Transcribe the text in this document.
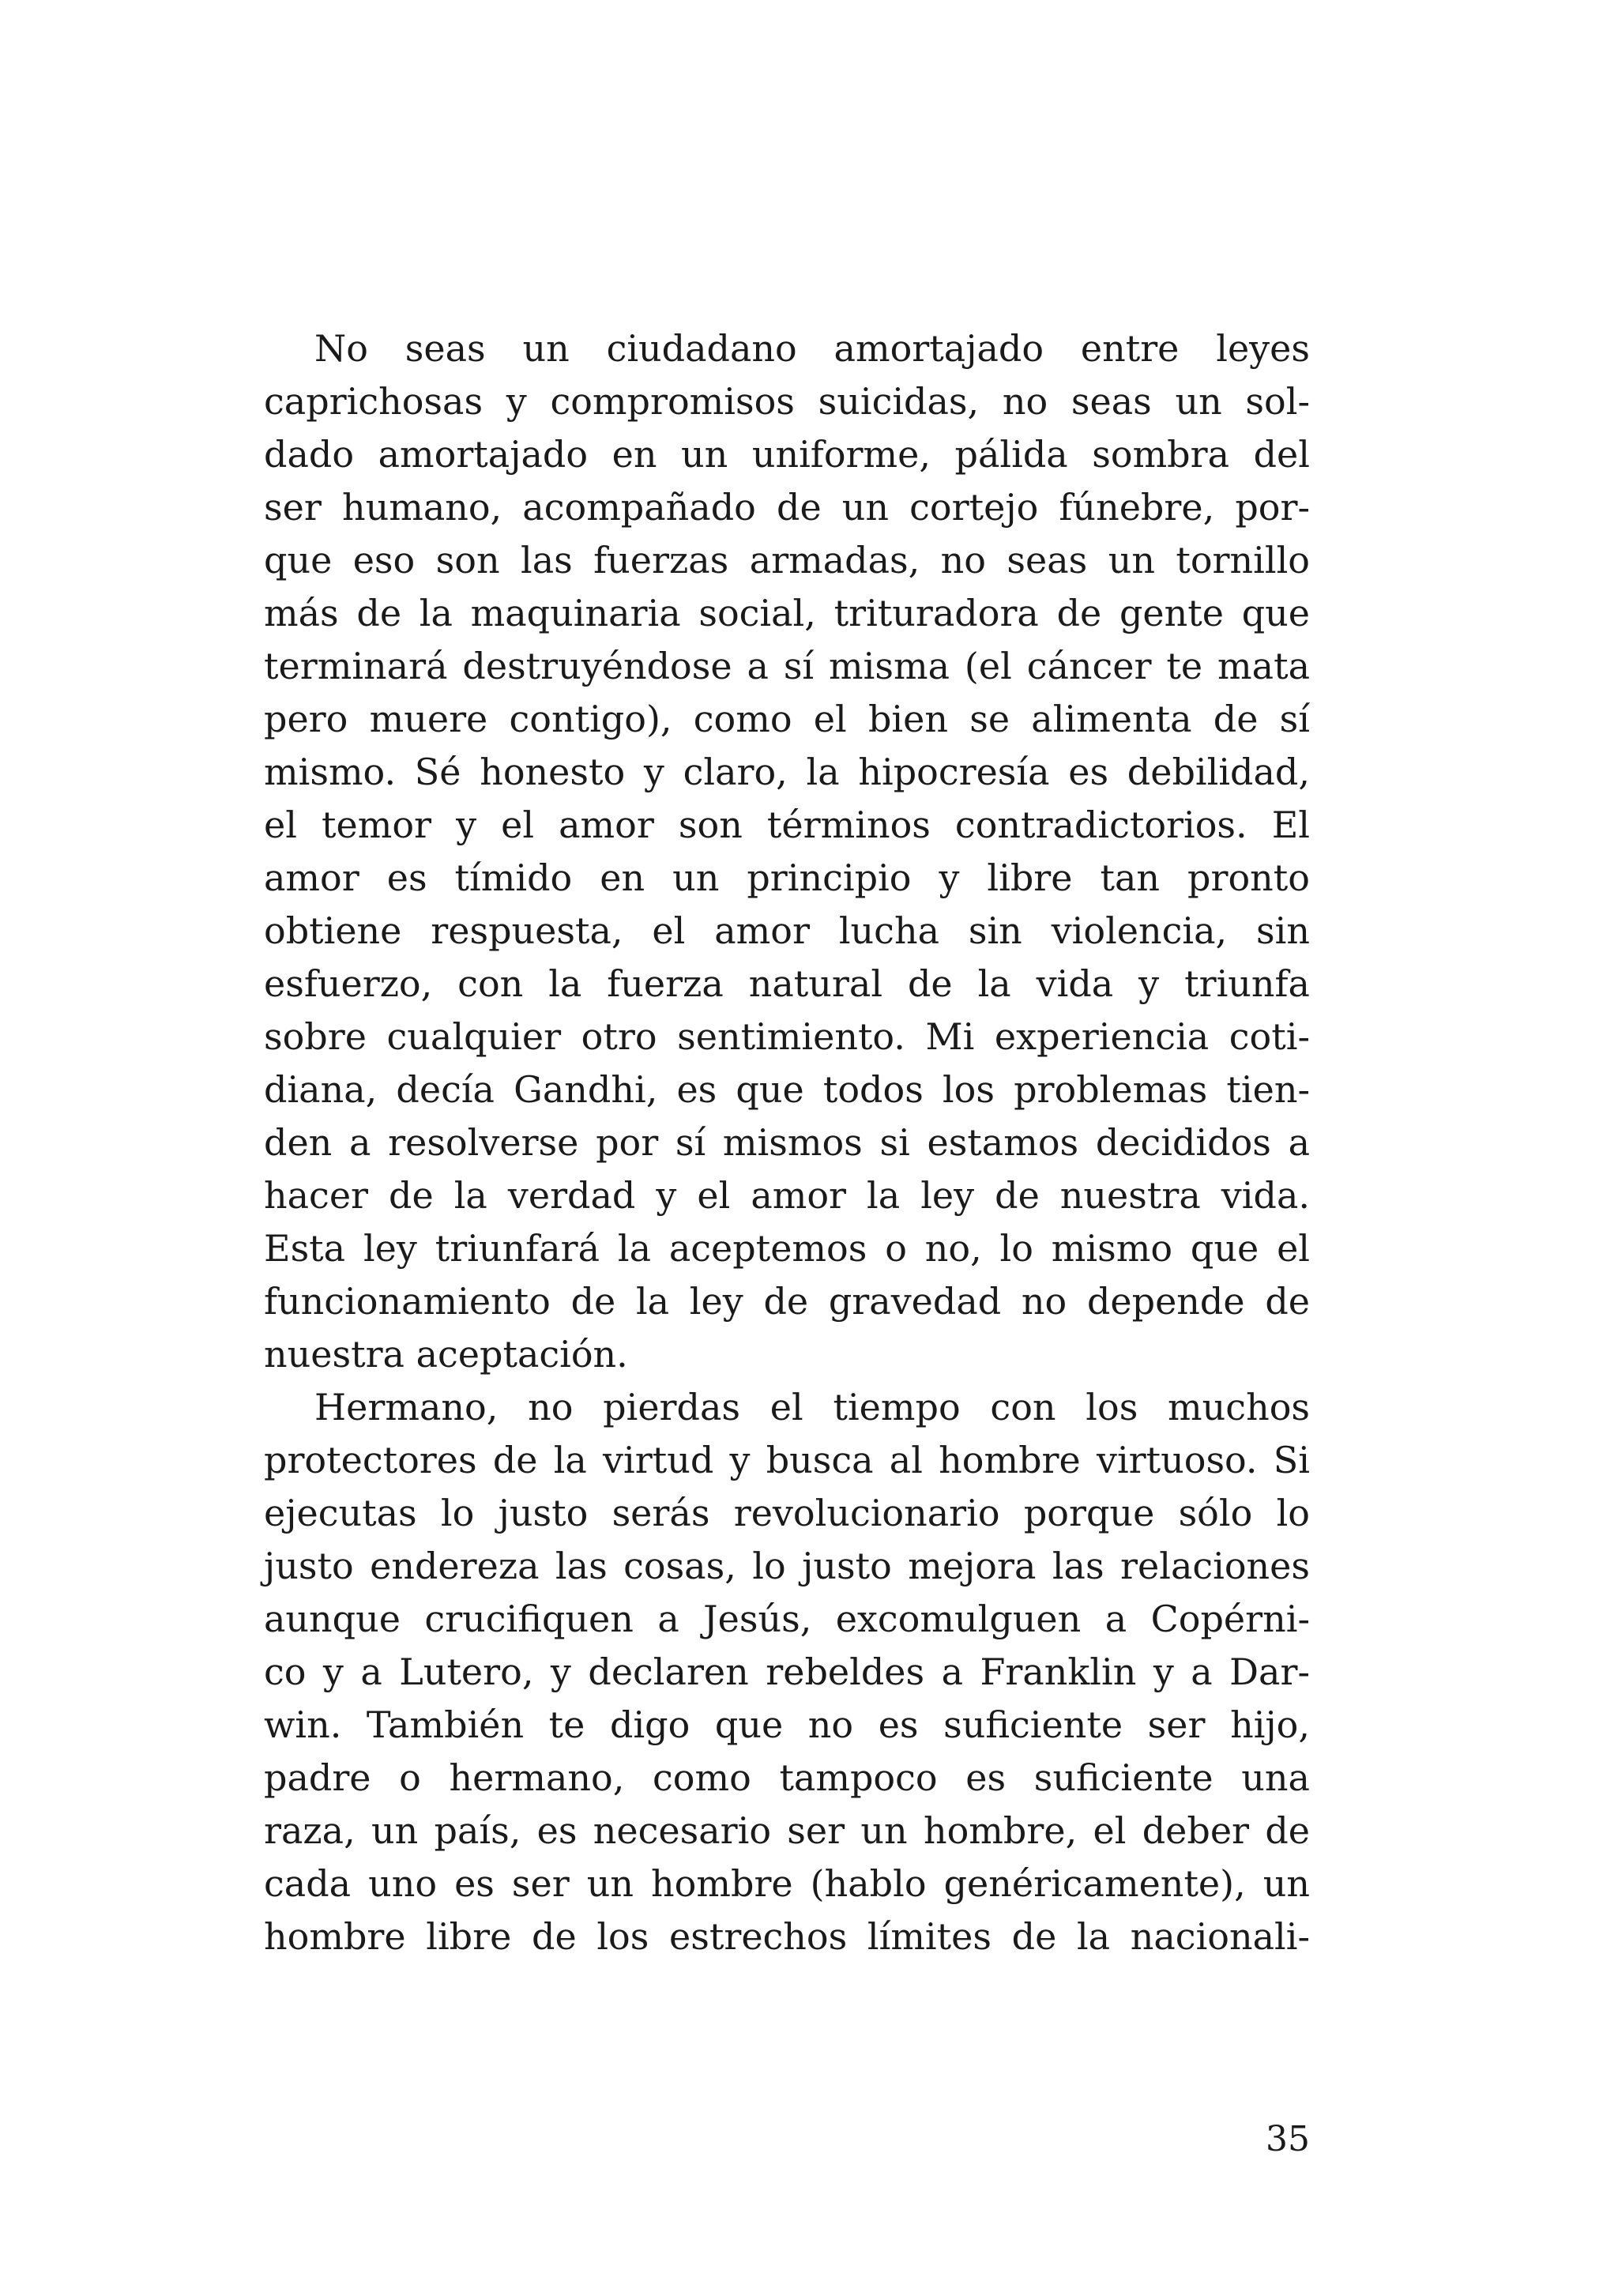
No seas un ciudadano amortajado entre leyes
caprichosas y compromisos suicidas, no seas un sol-
dado amortajado en un uniforme, pálida sombra del
ser humano, acompañado de un cortejo fúnebre, por-
que eso son las fuerzas armadas, no seas un tornillo
más de la maquinaria social, trituradora de gente que
terminará destruyéndose a sí misma (el cáncer te mata
pero muere contigo), como el bien se alimenta de sí
mismo. Sé honesto y claro, la hipocresía es debilidad,
el temor y el amor son términos contradictorios. El
amor es tímido en un principio y libre tan pronto
obtiene respuesta, el amor lucha sin violencia, sin
esfuerzo, con la fuerza natural de la vida y triunfa
sobre cualquier otro sentimiento. Mi experiencia coti-
diana, decía Gandhi, es que todos los problemas tien-
den a resolverse por sí mismos si estamos decididos a
hacer de la verdad y el amor la ley de nuestra vida.
Esta ley triunfará la aceptemos o no, lo mismo que el
funcionamiento de la ley de gravedad no depende de
nuestra aceptación.
Hermano, no pierdas el tiempo con los muchos
protectores de la virtud y busca al hombre virtuoso. Si
ejecutas lo justo serás revolucionario porque sólo lo
justo endereza las cosas, lo justo mejora las relaciones
aunque crucifiquen a Jesús, excomulguen a Copérni-
co y a Lutero, y declaren rebeldes a Franklin y a Dar-
win. También te digo que no es suficiente ser hijo,
padre o hermano, como tampoco es suficiente una
raza, un país, es necesario ser un hombre, el deber de
cada uno es ser un hombre (hablo genéricamente), un
hombre libre de los estrechos límites de la nacionali-
35
